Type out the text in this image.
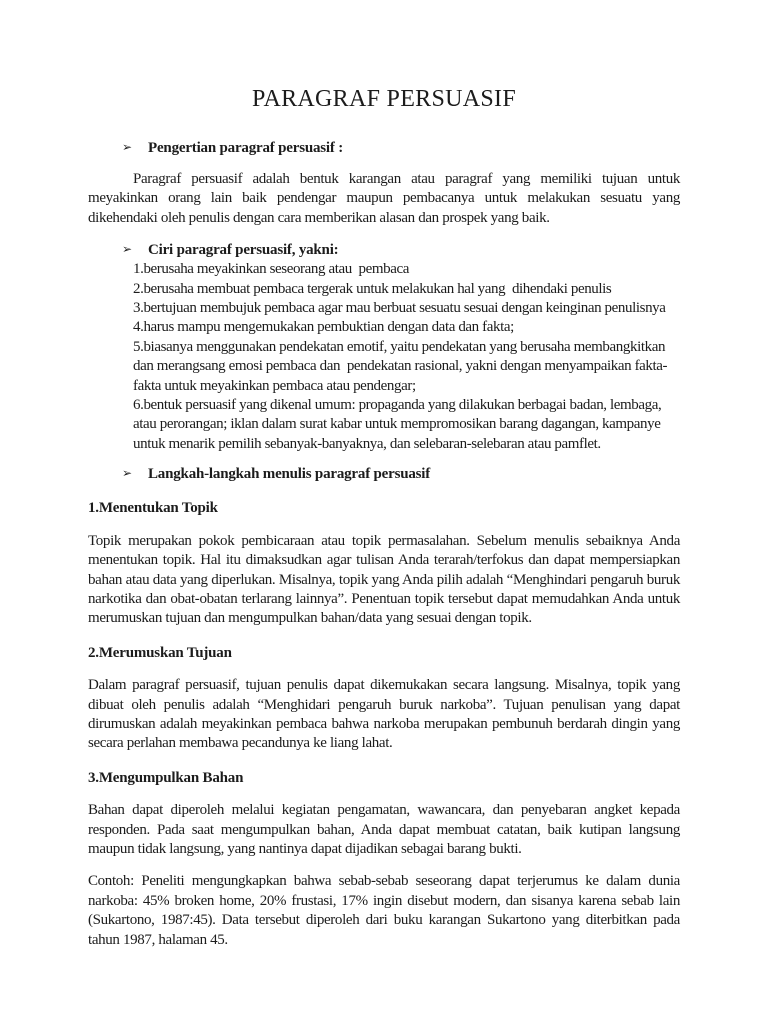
PARAGRAF PERSUASIF

➢ Pengertian paragraf persuasif :

Paragraf persuasif adalah bentuk karangan atau paragraf yang memiliki tujuan untuk meyakinkan orang lain baik pendengar maupun pembacanya untuk melakukan sesuatu yang dikehendaki oleh penulis dengan cara memberikan alasan dan prospek yang baik.

➢ Ciri paragraf persuasif, yakni:

1.berusaha meyakinkan seseorang atau  pembaca

2.berusaha membuat pembaca tergerak untuk melakukan hal yang  dihendaki penulis

3.bertujuan membujuk pembaca agar mau berbuat sesuatu sesuai dengan keinginan penulisnya

4.harus mampu mengemukakan pembuktian dengan data dan fakta;

5.biasanya menggunakan pendekatan emotif, yaitu pendekatan yang berusaha membangkitkan dan merangsang emosi pembaca dan  pendekatan rasional, yakni dengan menyampaikan fakta-fakta untuk meyakinkan pembaca atau pendengar;

6.bentuk persuasif yang dikenal umum: propaganda yang dilakukan berbagai badan, lembaga, atau perorangan; iklan dalam surat kabar untuk mempromosikan barang dagangan, kampanye untuk menarik pemilih sebanyak-banyaknya, dan selebaran-selebaran atau pamflet.

➢ Langkah-langkah menulis paragraf persuasif

1.Menentukan Topik

Topik merupakan pokok pembicaraan atau topik permasalahan. Sebelum menulis sebaiknya Anda menentukan topik. Hal itu dimaksudkan agar tulisan Anda terarah/terfokus dan dapat mempersiapkan bahan atau data yang diperlukan. Misalnya, topik yang Anda pilih adalah “Menghindari pengaruh buruk narkotika dan obat-obatan terlarang lainnya”. Penentuan topik tersebut dapat memudahkan Anda untuk merumuskan tujuan dan mengumpulkan bahan/data yang sesuai dengan topik.

2.Merumuskan Tujuan

Dalam paragraf persuasif, tujuan penulis dapat dikemukakan secara langsung. Misalnya, topik yang dibuat oleh penulis adalah “Menghidari pengaruh buruk narkoba”. Tujuan penulisan yang dapat dirumuskan adalah meyakinkan pembaca bahwa narkoba merupakan pembunuh berdarah dingin yang secara perlahan membawa pecandunya ke liang lahat.

3.Mengumpulkan Bahan

Bahan dapat diperoleh melalui kegiatan pengamatan, wawancara, dan penyebaran angket kepada responden. Pada saat mengumpulkan bahan, Anda dapat membuat catatan, baik kutipan langsung maupun tidak langsung, yang nantinya dapat dijadikan sebagai barang bukti.

Contoh: Peneliti mengungkapkan bahwa sebab-sebab seseorang dapat terjerumus ke dalam dunia narkoba: 45% broken home, 20% frustasi, 17% ingin disebut modern, dan sisanya karena sebab lain (Sukartono, 1987:45). Data tersebut diperoleh dari buku karangan Sukartono yang diterbitkan pada tahun 1987, halaman 45.
